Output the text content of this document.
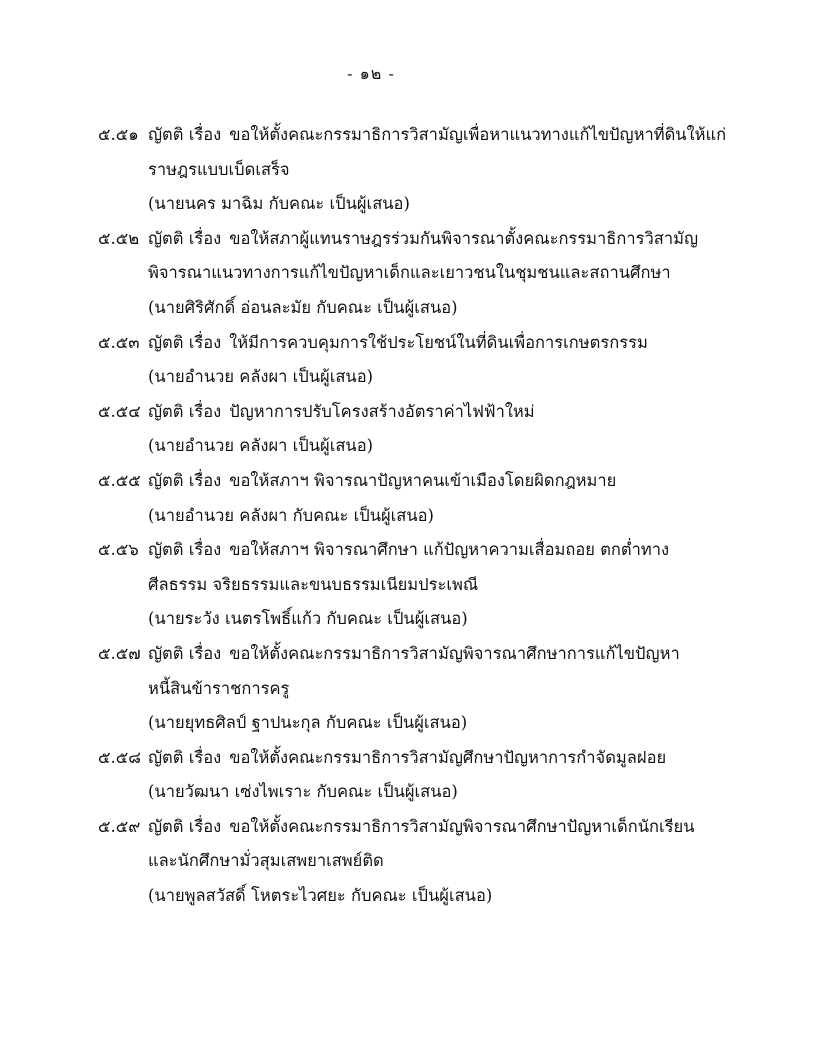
- ๑๒ -
๕.๕๑ ญัตติ เรื่อง ขอให้ตั้งคณะกรรมาธิการวิสามัญเพื่อหาแนวทางแก้ไขปัญหาที่ดินให้แก่
ราษฎรแบบเบ็ดเสร็จ
(นายนคร มาฉิม กับคณะ เป็นผู้เสนอ)
๕.๕๒ ญัตติ เรื่อง ขอให้สภาผู้แทนราษฎรร่วมกันพิจารณาตั้งคณะกรรมาธิการวิสามัญ
พิจารณาแนวทางการแก้ไขปัญหาเด็กและเยาวชนในชุมชนและสถานศึกษา
(นายศิริศักดิ์ อ่อนละมัย กับคณะ เป็นผู้เสนอ)
๕.๕๓ ญัตติ เรื่อง ให้มีการควบคุมการใช้ประโยชน์ในที่ดินเพื่อการเกษตรกรรม
(นายอำนวย คลังผา เป็นผู้เสนอ)
๕.๕๔ ญัตติ เรื่อง ปัญหาการปรับโครงสร้างอัตราค่าไฟฟ้าใหม่
(นายอำนวย คลังผา เป็นผู้เสนอ)
๕.๕๕ ญัตติ เรื่อง ขอให้สภาฯ พิจารณาปัญหาคนเข้าเมืองโดยผิดกฎหมาย
(นายอำนวย คลังผา กับคณะ เป็นผู้เสนอ)
๕.๕๖ ญัตติ เรื่อง ขอให้สภาฯ พิจารณาศึกษา แก้ปัญหาความเสื่อมถอย ตกต่ำทาง
ศีลธรรม จริยธรรมและขนบธรรมเนียมประเพณี
(นายระวัง เนตรโพธิ์แก้ว กับคณะ เป็นผู้เสนอ)
๕.๕๗ ญัตติ เรื่อง ขอให้ตั้งคณะกรรมาธิการวิสามัญพิจารณาศึกษาการแก้ไขปัญหา
หนี้สินข้าราชการครู
(นายยุทธศิลป์ ฐาปนะกุล กับคณะ เป็นผู้เสนอ)
๕.๕๘ ญัตติ เรื่อง ขอให้ตั้งคณะกรรมาธิการวิสามัญศึกษาปัญหาการกำจัดมูลฝอย
(นายวัฒนา เซ่งไพเราะ กับคณะ เป็นผู้เสนอ)
๕.๕๙ ญัตติ เรื่อง ขอให้ตั้งคณะกรรมาธิการวิสามัญพิจารณาศึกษาปัญหาเด็กนักเรียน
และนักศึกษามั่วสุมเสพยาเสพย์ติด
(นายพูลสวัสดิ์ โหตระไวศยะ กับคณะ เป็นผู้เสนอ)
